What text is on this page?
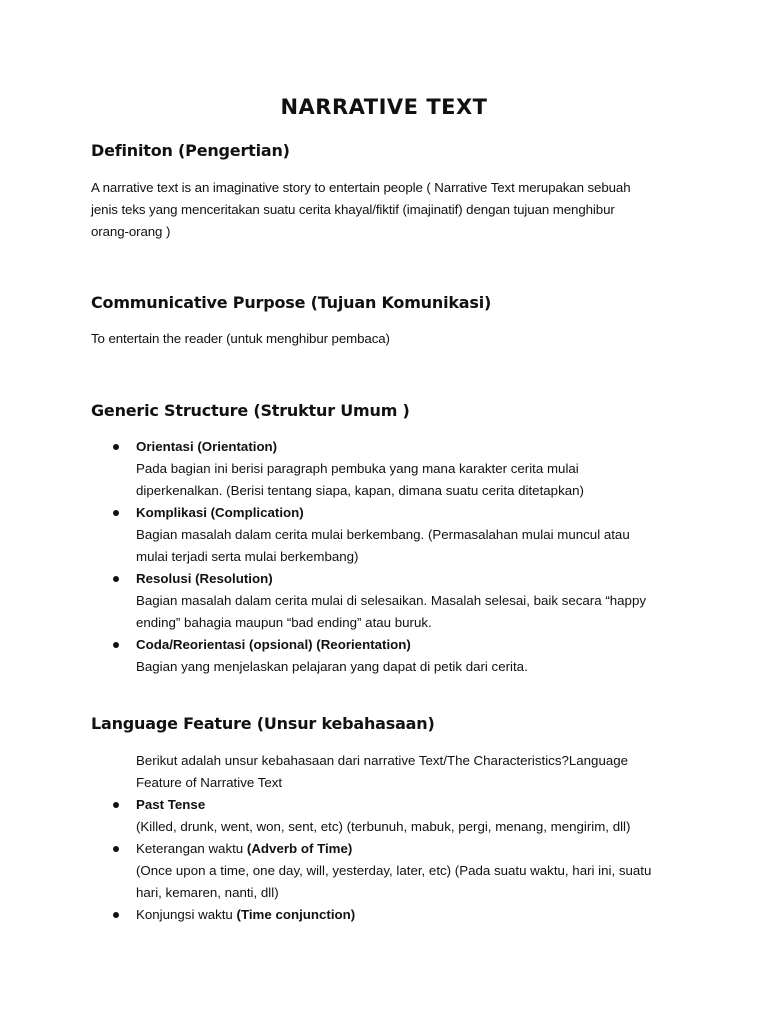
NARRATIVE TEXT
Definiton (Pengertian)
A narrative text is an imaginative story to entertain people ( Narrative Text merupakan sebuah
jenis teks yang menceritakan suatu cerita khayal/fiktif (imajinatif) dengan tujuan menghibur
orang-orang )
Communicative Purpose (Tujuan Komunikasi)
To entertain the reader (untuk menghibur pembaca)
Generic Structure (Struktur Umum )
Orientasi (Orientation)
Pada bagian ini berisi paragraph pembuka yang mana karakter cerita mulai
diperkenalkan. (Berisi tentang siapa, kapan, dimana suatu cerita ditetapkan)
Komplikasi (Complication)
Bagian masalah dalam cerita mulai berkembang. (Permasalahan mulai muncul atau
mulai terjadi serta mulai berkembang)
Resolusi (Resolution)
Bagian masalah dalam cerita mulai di selesaikan. Masalah selesai, baik secara “happy
ending” bahagia maupun “bad ending” atau buruk.
Coda/Reorientasi (opsional) (Reorientation)
Bagian yang menjelaskan pelajaran yang dapat di petik dari cerita.
Language Feature (Unsur kebahasaan)
Berikut adalah unsur kebahasaan dari narrative Text/The Characteristics?Language
Feature of Narrative Text
Past Tense
(Killed, drunk, went, won, sent, etc) (terbunuh, mabuk, pergi, menang, mengirim, dll)
Keterangan waktu (Adverb of Time)
(Once upon a time, one day, will, yesterday, later, etc) (Pada suatu waktu, hari ini, suatu
hari, kemaren, nanti, dll)
Konjungsi waktu (Time conjunction)
